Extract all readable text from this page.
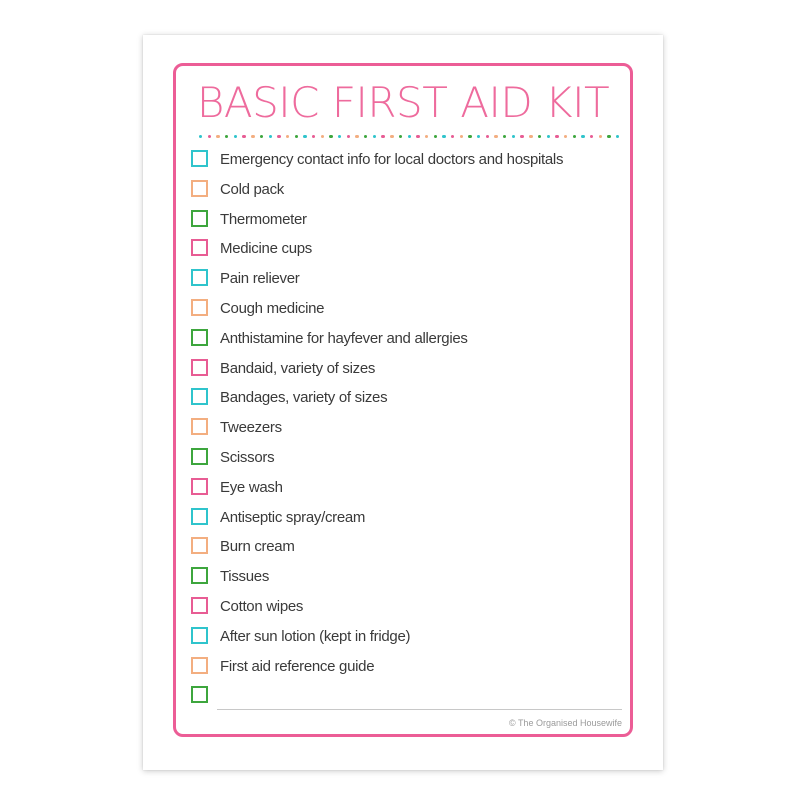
BASIC FIRST AID KIT
Emergency contact info for local doctors and hospitals
Cold pack
Thermometer
Medicine cups
Pain reliever
Cough medicine
Anthistamine for hayfever and allergies
Bandaid, variety of sizes
Bandages, variety of sizes
Tweezers
Scissors
Eye wash
Antiseptic spray/cream
Burn cream
Tissues
Cotton wipes
After sun lotion (kept in fridge)
First aid reference guide
© The Organised Housewife
